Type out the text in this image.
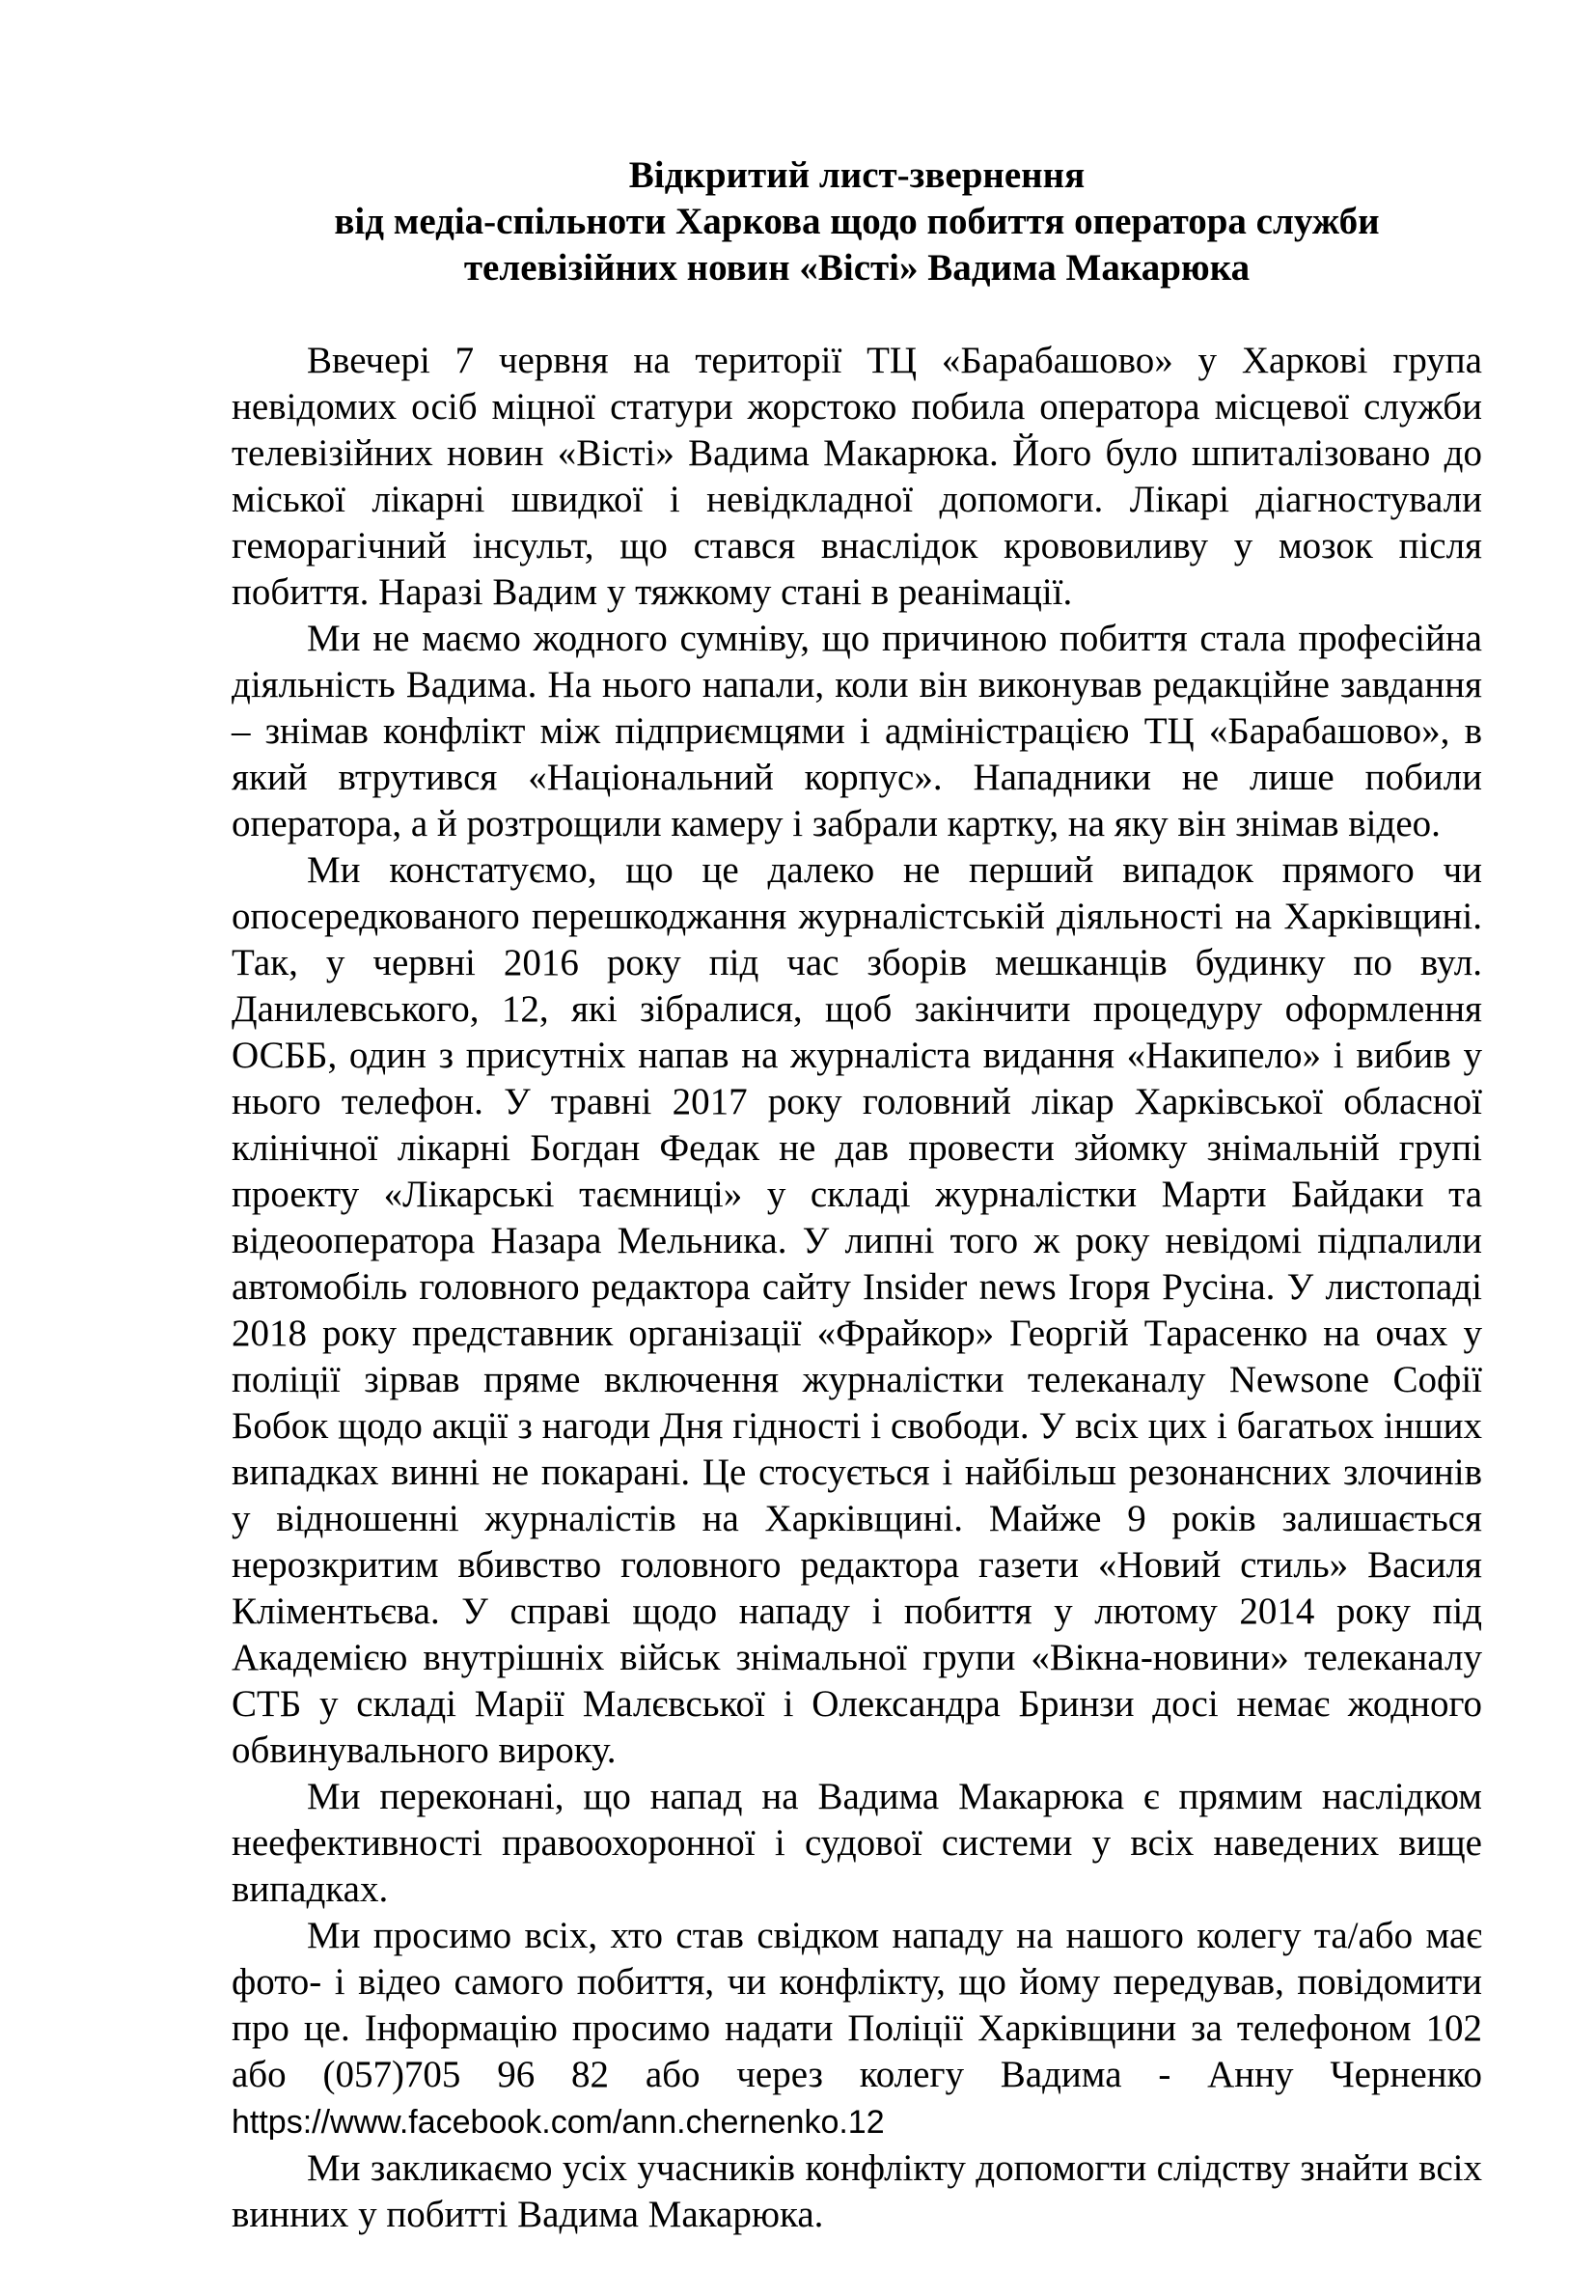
Відкритий лист-звернення
від медіа-спільноти Харкова щодо побиття оператора служби
телевізійних новин «Вісті» Вадима Макарюка

Ввечері 7 червня на території ТЦ «Барабашово» у Харкові група невідомих осіб міцної статури жорстоко побила оператора місцевої служби телевізійних новин «Вісті» Вадима Макарюка. Його було шпиталізовано до міської лікарні швидкої і невідкладної допомоги. Лікарі діагностували геморагічний інсульт, що стався внаслідок крововиливу у мозок після побиття. Наразі Вадим у тяжкому стані в реанімації.

Ми не маємо жодного сумніву, що причиною побиття стала професійна діяльність Вадима. На нього напали, коли він виконував редакційне завдання – знімав конфлікт між підприємцями і адміністрацією ТЦ «Барабашово», в який втрутився «Національний корпус». Нападники не лише побили оператора, а й розтрощили камеру і забрали картку, на яку він знімав відео.

Ми констатуємо, що це далеко не перший випадок прямого чи опосередкованого перешкоджання журналістській діяльності на Харківщині. Так, у червні 2016 року під час зборів мешканців будинку по вул. Данилевського, 12, які зібралися, щоб закінчити процедуру оформлення ОСББ, один з присутніх напав на журналіста видання «Накипело» і вибив у нього телефон. У травні 2017 року головний лікар Харківської обласної клінічної лікарні Богдан Федак не дав провести зйомку знімальній групі проекту «Лікарські таємниці» у складі журналістки Марти Байдаки та відеооператора Назара Мельника. У липні того ж року невідомі підпалили автомобіль головного редактора сайту Insider news Ігоря Русіна. У листопаді 2018 року представник організації «Фрайкор» Георгій Тарасенко на очах у поліції зірвав пряме включення журналістки телеканалу Newsone Софії Бобок щодо акції з нагоди Дня гідності і свободи. У всіх цих і багатьох інших випадках винні не покарані. Це стосується і найбільш резонансних злочинів у відношенні журналістів на Харківщині. Майже 9 років залишається нерозкритим вбивство головного редактора газети «Новий стиль» Василя Кліментьєва. У справі щодо нападу і побиття у лютому 2014 року під Академією внутрішніх військ знімальної групи «Вікна-новини» телеканалу СТБ у складі Марії Малєвської і Олександра Бринзи досі немає жодного обвинувального вироку.

Ми переконані, що напад на Вадима Макарюка є прямим наслідком неефективності правоохоронної і судової системи у всіх наведених вище випадках.

Ми просимо всіх, хто став свідком нападу на нашого колегу та/або має фото- і відео самого побиття, чи конфлікту, що йому передував, повідомити про це. Інформацію просимо надати Поліції Харківщини за телефоном 102 або (057)705 96 82 або через колегу Вадима - Анну Черненко https://www.facebook.com/ann.chernenko.12

Ми закликаємо усіх учасників конфлікту допомогти слідству знайти всіх винних у побитті Вадима Макарюка.
